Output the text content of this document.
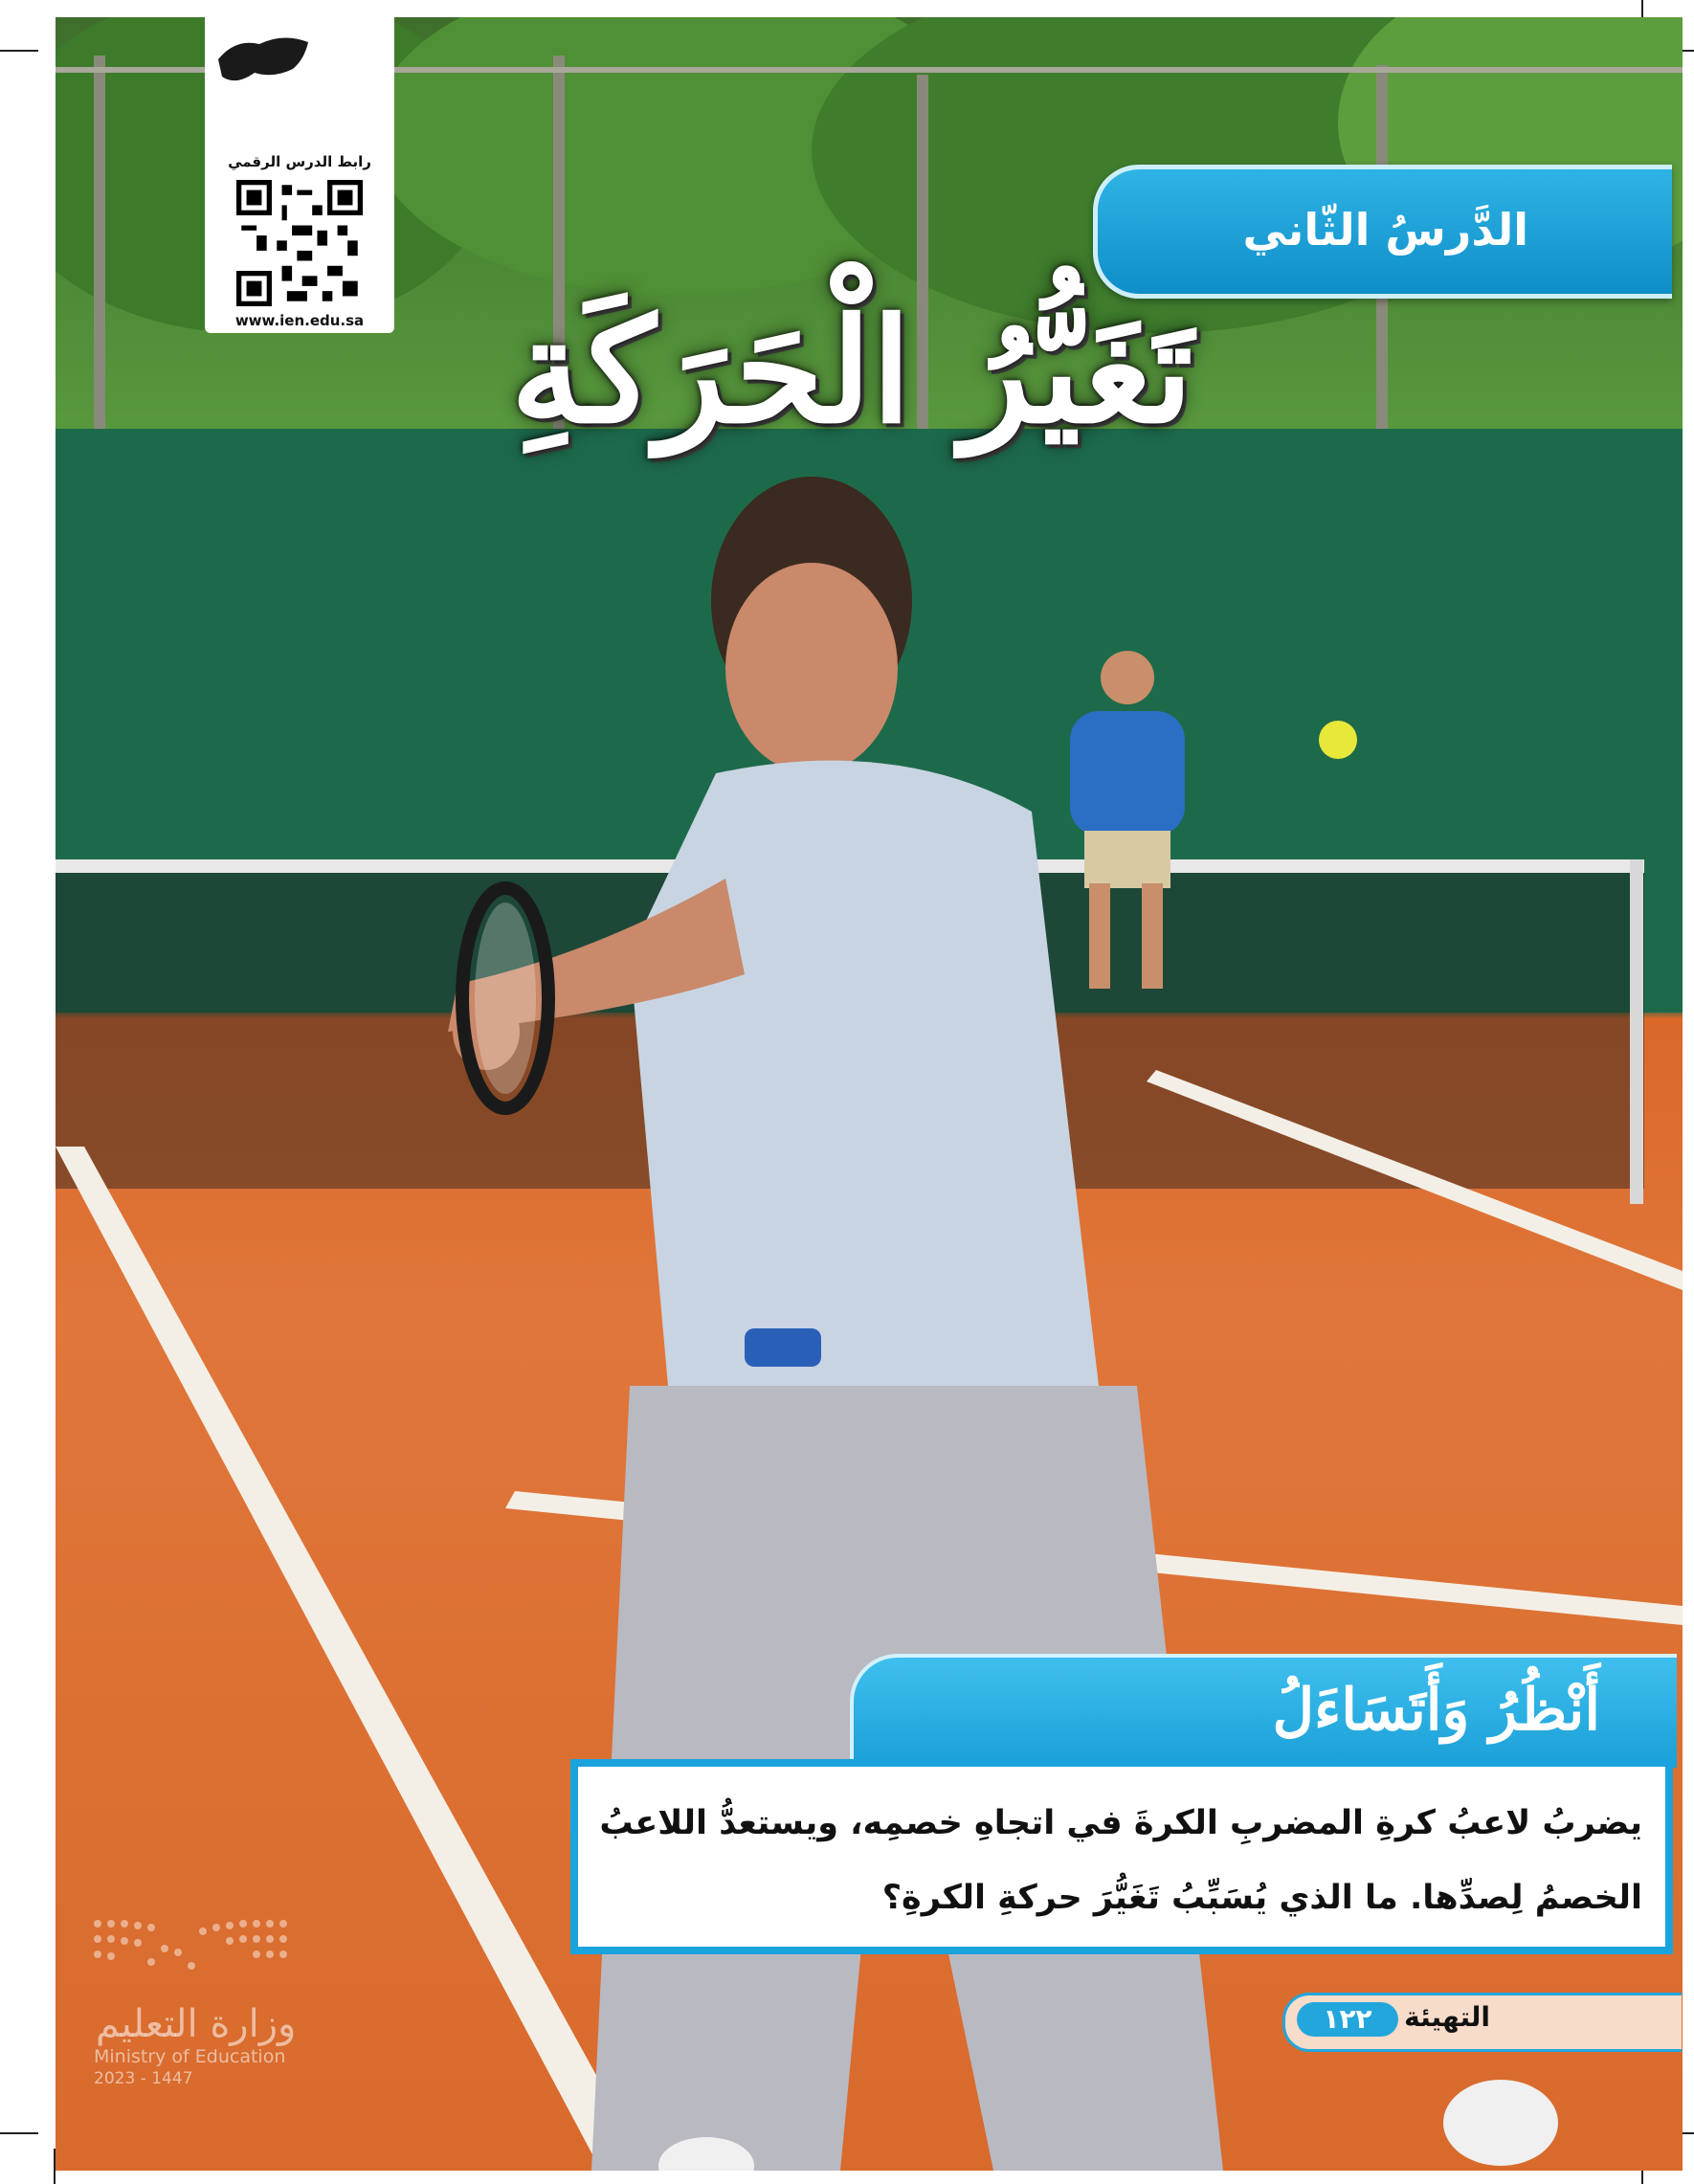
رابط الدرس الرقمي
www.ien.edu.sa
الدَّرسُ الثّاني
تَغَيُّرُ الْحَرَكَةِ
أَنْظُرُ وَأَتَسَاءَلُ
يضربُ لاعبُ كرةِ المضربِ الكرةَ في اتجاهِ خصمِه، ويستعدُّ اللاعبُ
الخصمُ لِصدِّها. ما الذي يُسَبِّبُ تَغَيُّرَ حركةِ الكرةِ؟
١٢٢	التهيئة
وزارة التعليم
Ministry of Education
2023 - 1447
